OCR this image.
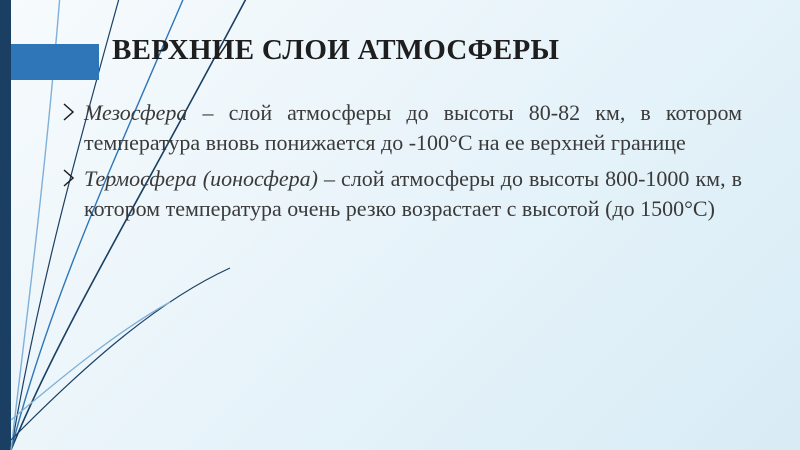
ВЕРХНИЕ СЛОИ АТМОСФЕРЫ
Мезосфера – слой атмосферы до высоты 80‐82 км, в котором температура вновь понижается до ‐100°С на ее верхней границе
Термосфера (ионосфера) – слой атмосферы до высоты 800‐1000 км, в котором температура очень резко возрастает с высотой (до 1500°С)
